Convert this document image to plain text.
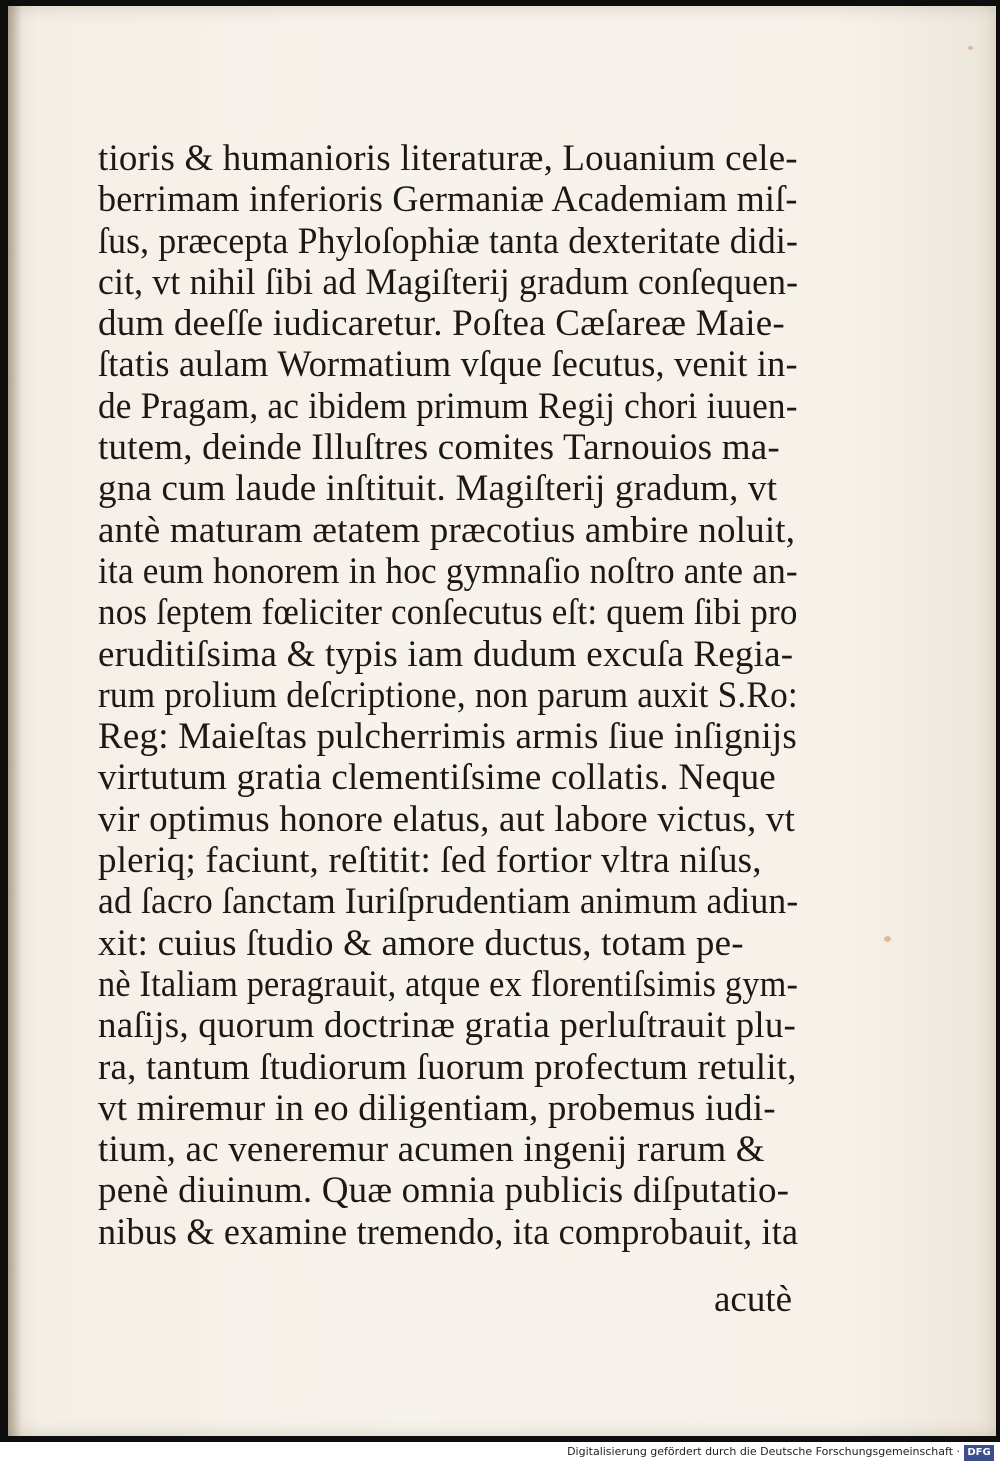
tioris & humanioris literaturæ, Louanium cele-
berrimam inferioris Germaniæ Academiam miſ-
ſus, præcepta Phyloſophiæ tanta dexteritate didi-
cit, vt nihil ſibi ad Magiſterij gradum conſequen-
dum deeſſe iudicaretur. Poſtea Cæſareæ Maie-
ſtatis aulam Wormatium vſque ſecutus, venit in-
de Pragam, ac ibidem primum Regij chori iuuen-
tutem, deinde Illuſtres comites Tarnouios ma-
gna cum laude inſtituit. Magiſterij gradum, vt
antè maturam ætatem præcotius ambire noluit,
ita eum honorem in hoc gymnaſio noſtro ante an-
nos ſeptem fœliciter conſecutus eſt: quem ſibi pro
eruditiſsima & typis iam dudum excuſa Regia-
rum prolium deſcriptione, non parum auxit S.Ro:
Reg: Maieſtas pulcherrimis armis ſiue inſignijs
virtutum gratia clementiſsime collatis. Neque
vir optimus honore elatus, aut labore victus, vt
pleriq; faciunt, reſtitit: ſed fortior vltra niſus,
ad ſacro ſanctam Iuriſprudentiam animum adiun-
xit: cuius ſtudio & amore ductus, totam pe-
nè Italiam peragrauit, atque ex florentiſsimis gym-
naſijs, quorum doctrinæ gratia perluſtrauit plu-
ra, tantum ſtudiorum ſuorum profectum retulit,
vt miremur in eo diligentiam, probemus iudi-
tium, ac veneremur acumen ingenij rarum &
penè diuinum. Quæ omnia publicis diſputatio-
nibus & examine tremendo, ita comprobauit, ita
acutè
Digitalisierung gefördert durch die Deutsche Forschungsgemeinschaft · DFG
